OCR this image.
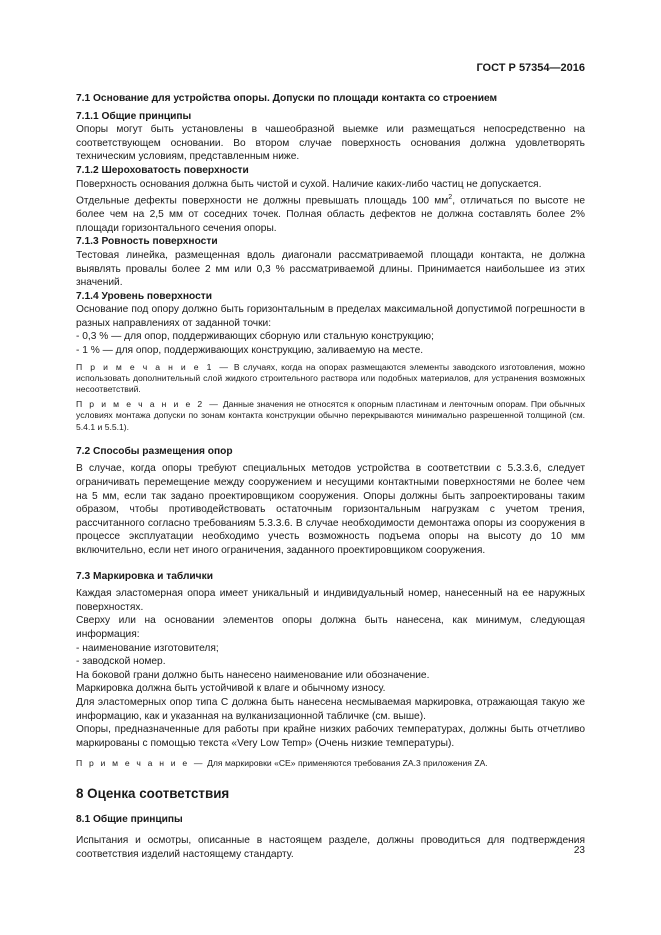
ГОСТ Р 57354—2016

7.1 Основание для устройства опоры. Допуски по площади контакта со строением

7.1.1 Общие принципы

Опоры могут быть установлены в чашеобразной выемке или размещаться непосредственно на соответствующем основании. Во втором случае поверхность основания должна удовлетворять техническим условиям, представленным ниже.

7.1.2 Шероховатость поверхности

Поверхность основания должна быть чистой и сухой. Наличие каких-либо частиц не допускается.

Отдельные дефекты поверхности не должны превышать площадь 100 $мм^2$, отличаться по высоте не более чем на 2,5 мм от соседних точек. Полная область дефектов не должна составлять более 2% площади горизонтального сечения опоры.

7.1.3 Ровность поверхности

Тестовая линейка, размещенная вдоль диагонали рассматриваемой площади контакта, не должна выявлять провалы более 2 мм или 0,3 % рассматриваемой длины. Принимается наибольшее из этих значений.

7.1.4 Уровень поверхности

Основание под опору должно быть горизонтальным в пределах максимальной допустимой погрешности в разных направлениях от заданной точки:

- 0,3 % — для опор, поддерживающих сборную или стальную конструкцию;

- 1 % — для опор, поддерживающих конструкцию, заливаемую на месте.

П р и м е ч а н и е 1 — В случаях, когда на опорах размещаются элементы заводского изготовления, можно использовать дополнительный слой жидкого строительного раствора или подобных материалов, для устранения возможных несоответствий.

П р и м е ч а н и е 2 — Данные значения не относятся к опорным пластинам и ленточным опорам. При обычных условиях монтажа допуски по зонам контакта конструкции обычно перекрываются минимально разрешенной толщиной (см. 5.4.1 и 5.5.1).

7.2 Способы размещения опор

В случае, когда опоры требуют специальных методов устройства в соответствии с 5.3.3.6, следует ограничивать перемещение между сооружением и несущими контактными поверхностями не более чем на 5 мм, если так задано проектировщиком сооружения. Опоры должны быть запроектированы таким образом, чтобы противодействовать остаточным горизонтальным нагрузкам с учетом трения, рассчитанного согласно требованиям 5.3.3.6. В случае необходимости демонтажа опоры из сооружения в процессе эксплуатации необходимо учесть возможность подъема опоры на высоту до 10 мм включительно, если нет иного ограничения, заданного проектировщиком сооружения.

7.3 Маркировка и таблички

Каждая эластомерная опора имеет уникальный и индивидуальный номер, нанесенный на ее наружных поверхностях.

Сверху или на основании элементов опоры должна быть нанесена, как минимум, следующая информация:

- наименование изготовителя;

- заводской номер.

На боковой грани должно быть нанесено наименование или обозначение.

Маркировка должна быть устойчивой к влаге и обычному износу.

Для эластомерных опор типа С должна быть нанесена несмываемая маркировка, отражающая такую же информацию, как и указанная на вулканизационной табличке (см. выше).

Опоры, предназначенные для работы при крайне низких рабочих температурах, должны быть отчетливо маркированы с помощью текста «Very Low Temp» (Очень низкие температуры).

П р и м е ч а н и е — Для маркировки «CE» применяются требования ZA.3 приложения ZA.

8 Оценка соответствия

8.1 Общие принципы

Испытания и осмотры, описанные в настоящем разделе, должны проводиться для подтверждения соответствия изделий настоящему стандарту.	23
